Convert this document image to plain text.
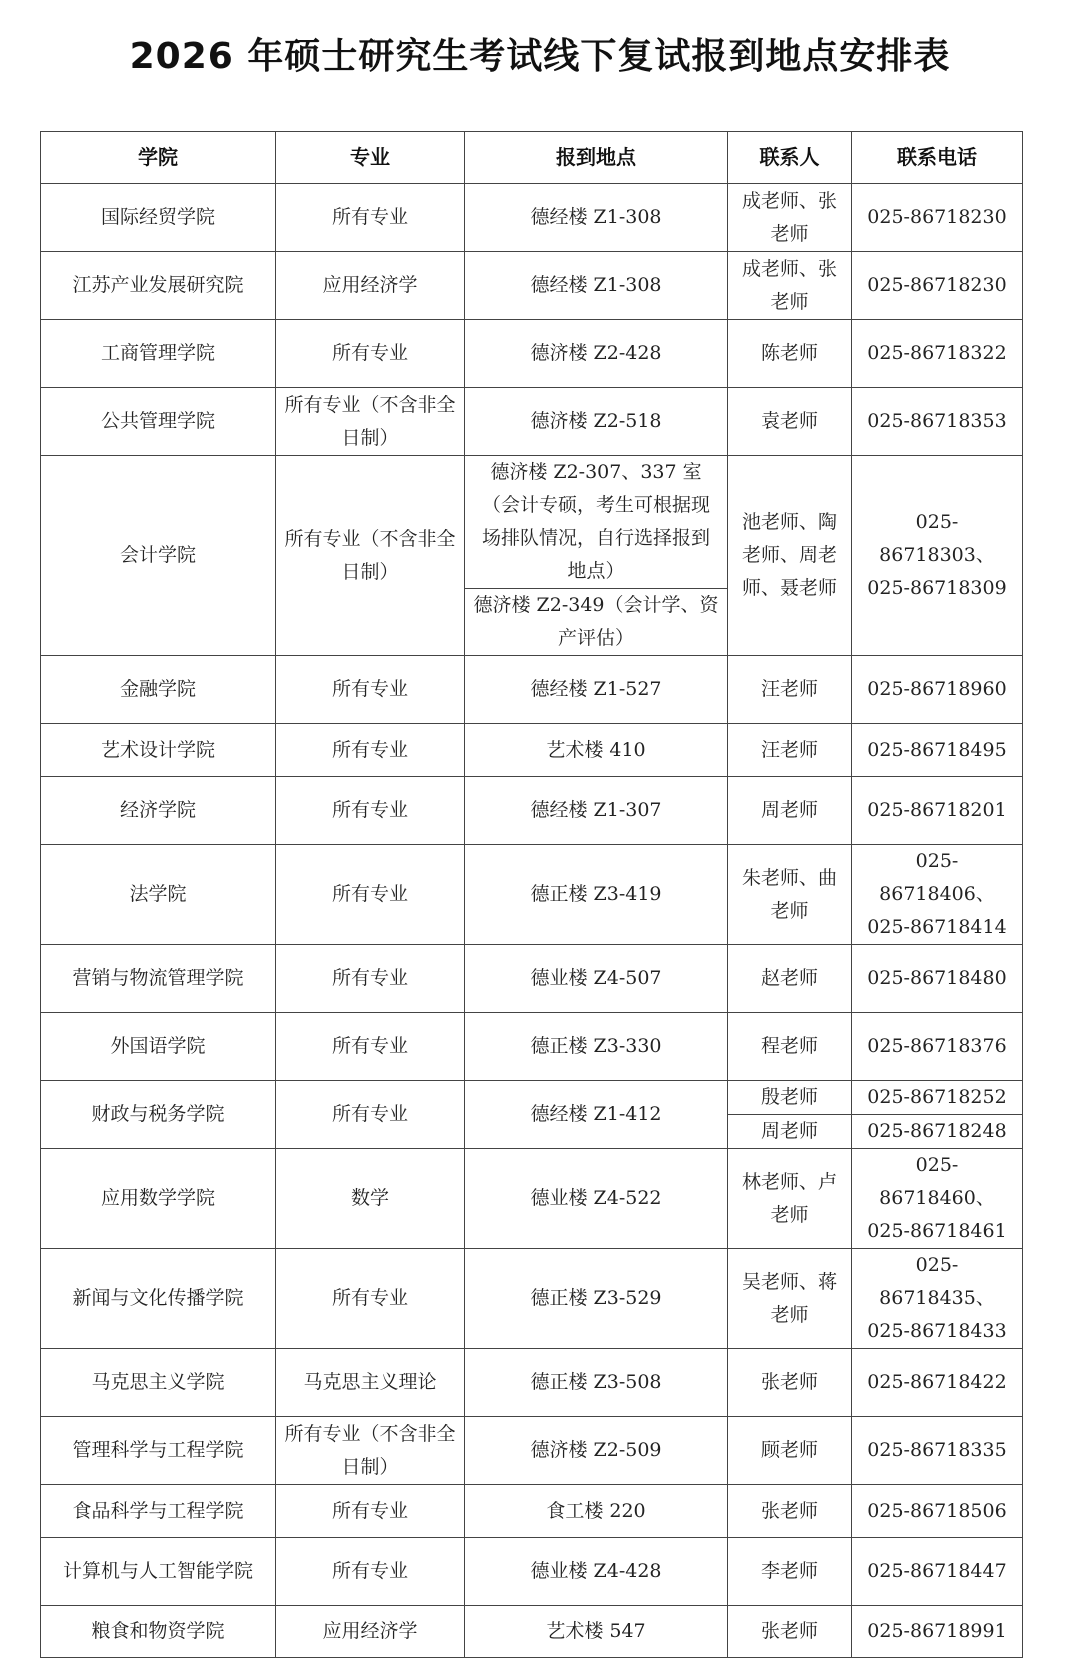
2026 年硕士研究生考试线下复试报到地点安排表
学院	专业	报到地点	联系人	联系电话
国际经贸学院	所有专业	德经楼 Z1-308	成老师、张老师	025-86718230
江苏产业发展研究院	应用经济学	德经楼 Z1-308	成老师、张老师	025-86718230
工商管理学院	所有专业	德济楼 Z2-428	陈老师	025-86718322
公共管理学院	所有专业（不含非全日制）	德济楼 Z2-518	袁老师	025-86718353
会计学院	所有专业（不含非全日制）	德济楼 Z2-307、337 室（会计专硕，考生可根据现场排队情况，自行选择报到地点）	池老师、陶老师、周老师、聂老师	025-86718303、025-86718309
		德济楼 Z2-349（会计学、资产评估）		
金融学院	所有专业	德经楼 Z1-527	汪老师	025-86718960
艺术设计学院	所有专业	艺术楼 410	汪老师	025-86718495
经济学院	所有专业	德经楼 Z1-307	周老师	025-86718201
法学院	所有专业	德正楼 Z3-419	朱老师、曲老师	025-86718406、025-86718414
营销与物流管理学院	所有专业	德业楼 Z4-507	赵老师	025-86718480
外国语学院	所有专业	德正楼 Z3-330	程老师	025-86718376
财政与税务学院	所有专业	德经楼 Z1-412	殷老师	025-86718252
			周老师	025-86718248
应用数学学院	数学	德业楼 Z4-522	林老师、卢老师	025-86718460、025-86718461
新闻与文化传播学院	所有专业	德正楼 Z3-529	吴老师、蒋老师	025-86718435、025-86718433
马克思主义学院	马克思主义理论	德正楼 Z3-508	张老师	025-86718422
管理科学与工程学院	所有专业（不含非全日制）	德济楼 Z2-509	顾老师	025-86718335
食品科学与工程学院	所有专业	食工楼 220	张老师	025-86718506
计算机与人工智能学院	所有专业	德业楼 Z4-428	李老师	025-86718447
粮食和物资学院	应用经济学	艺术楼 547	张老师	025-86718991
